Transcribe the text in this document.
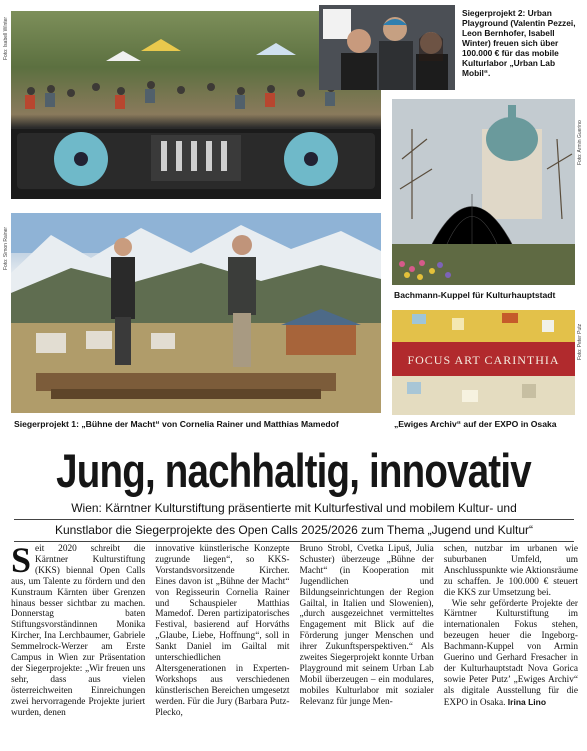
Foto: Isabell Winter
Siegerprojekt 2: Urban Playground (Valentin Pezzei, Leon Bernhofer, Isabell Winter) freuen sich über 100.000 € für das mobile Kulturlabor „Urban Lab Mobil“.
Foto: Armin Guerino
Bachmann-Kuppel für Kulturhauptstadt
Foto: Simon Rainer
Siegerprojekt 1: „Bühne der Macht“ von Cornelia Rainer und Matthias Mamedof
FOCUS ART CARINTHIA	Foto: Peter Putz
„Ewiges Archiv“ auf der EXPO in Osaka
Jung, nachhaltig, innovativ
Wien: Kärntner Kulturstiftung präsentierte mit Kulturfestival und mobilem Kultur- und
Kunstlabor die Siegerprojekte des Open Calls 2025/2026 zum Thema „Jugend und Kultur“
Seit 2020 schreibt die Kärntner Kulturstiftung (KKS) biennal Open Calls aus, um Talente zu fördern und den Kunstraum Kärnten über Grenzen hinaus besser sichtbar zu machen. Donnerstag baten Stiftungsvorständinnen Monika Kircher, Ina Lerchbaumer, Gabriele Semmelrock-Werzer am Erste Campus in Wien zur Präsentation der Siegerprojekte: „Wir freuen uns sehr, dass aus vielen österreichweiten Einreichungen zwei hervorragende Projekte juriert wurden, denen
innovative künstlerische Konzepte zugrunde liegen“, so KKS-Vorstandsvorsitzende Kircher. Eines davon ist „Bühne der Macht“ von Regisseurin Cornelia Rainer und Schauspieler Matthias Mamedof. Deren partizipatorisches Festival, basierend auf Horváths „Glaube, Liebe, Hoffnung“, soll in Sankt Daniel im Gailtal mit unterschiedlichen Altersgenerationen in Experten-Workshops aus verschiedenen künstlerischen Bereichen umgesetzt werden. Für die Jury (Barbara Putz-Plecko,
Bruno Strobl, Cvetka Lipuš, Julia Schuster) überzeuge „Bühne der Macht“ (in Kooperation mit Jugendlichen und Bildungseinrichtungen der Region Gailtal, in Italien und Slowenien), „durch ausgezeichnet vermitteltes Engagement mit Blick auf die Förderung junger Menschen und ihrer Zukunftsperspektiven.“ Als zweites Siegerprojekt konnte Urban Playground mit seinem Urban Lab Mobil überzeugen – ein modulares, mobiles Kulturlabor mit sozialer Relevanz für junge Men-

schen, nutzbar im urbanen wie suburbanen Umfeld, um Anschlusspunkte wie Aktionsräume zu schaffen. Je 100.000 € steuert die KKS zur Umsetzung bei.

Wie sehr geförderte Projekte der Kärntner Kulturstiftung im internationalen Fokus stehen, bezeugen heuer die Ingeborg-Bachmann-Kuppel von Armin Guerino und Gerhard Fresacher in der Kulturhauptstadt Nova Gorica sowie Peter Putz’ „Ewiges Archiv“ als digitale Ausstellung für die EXPO in Osaka. Irina Lino
